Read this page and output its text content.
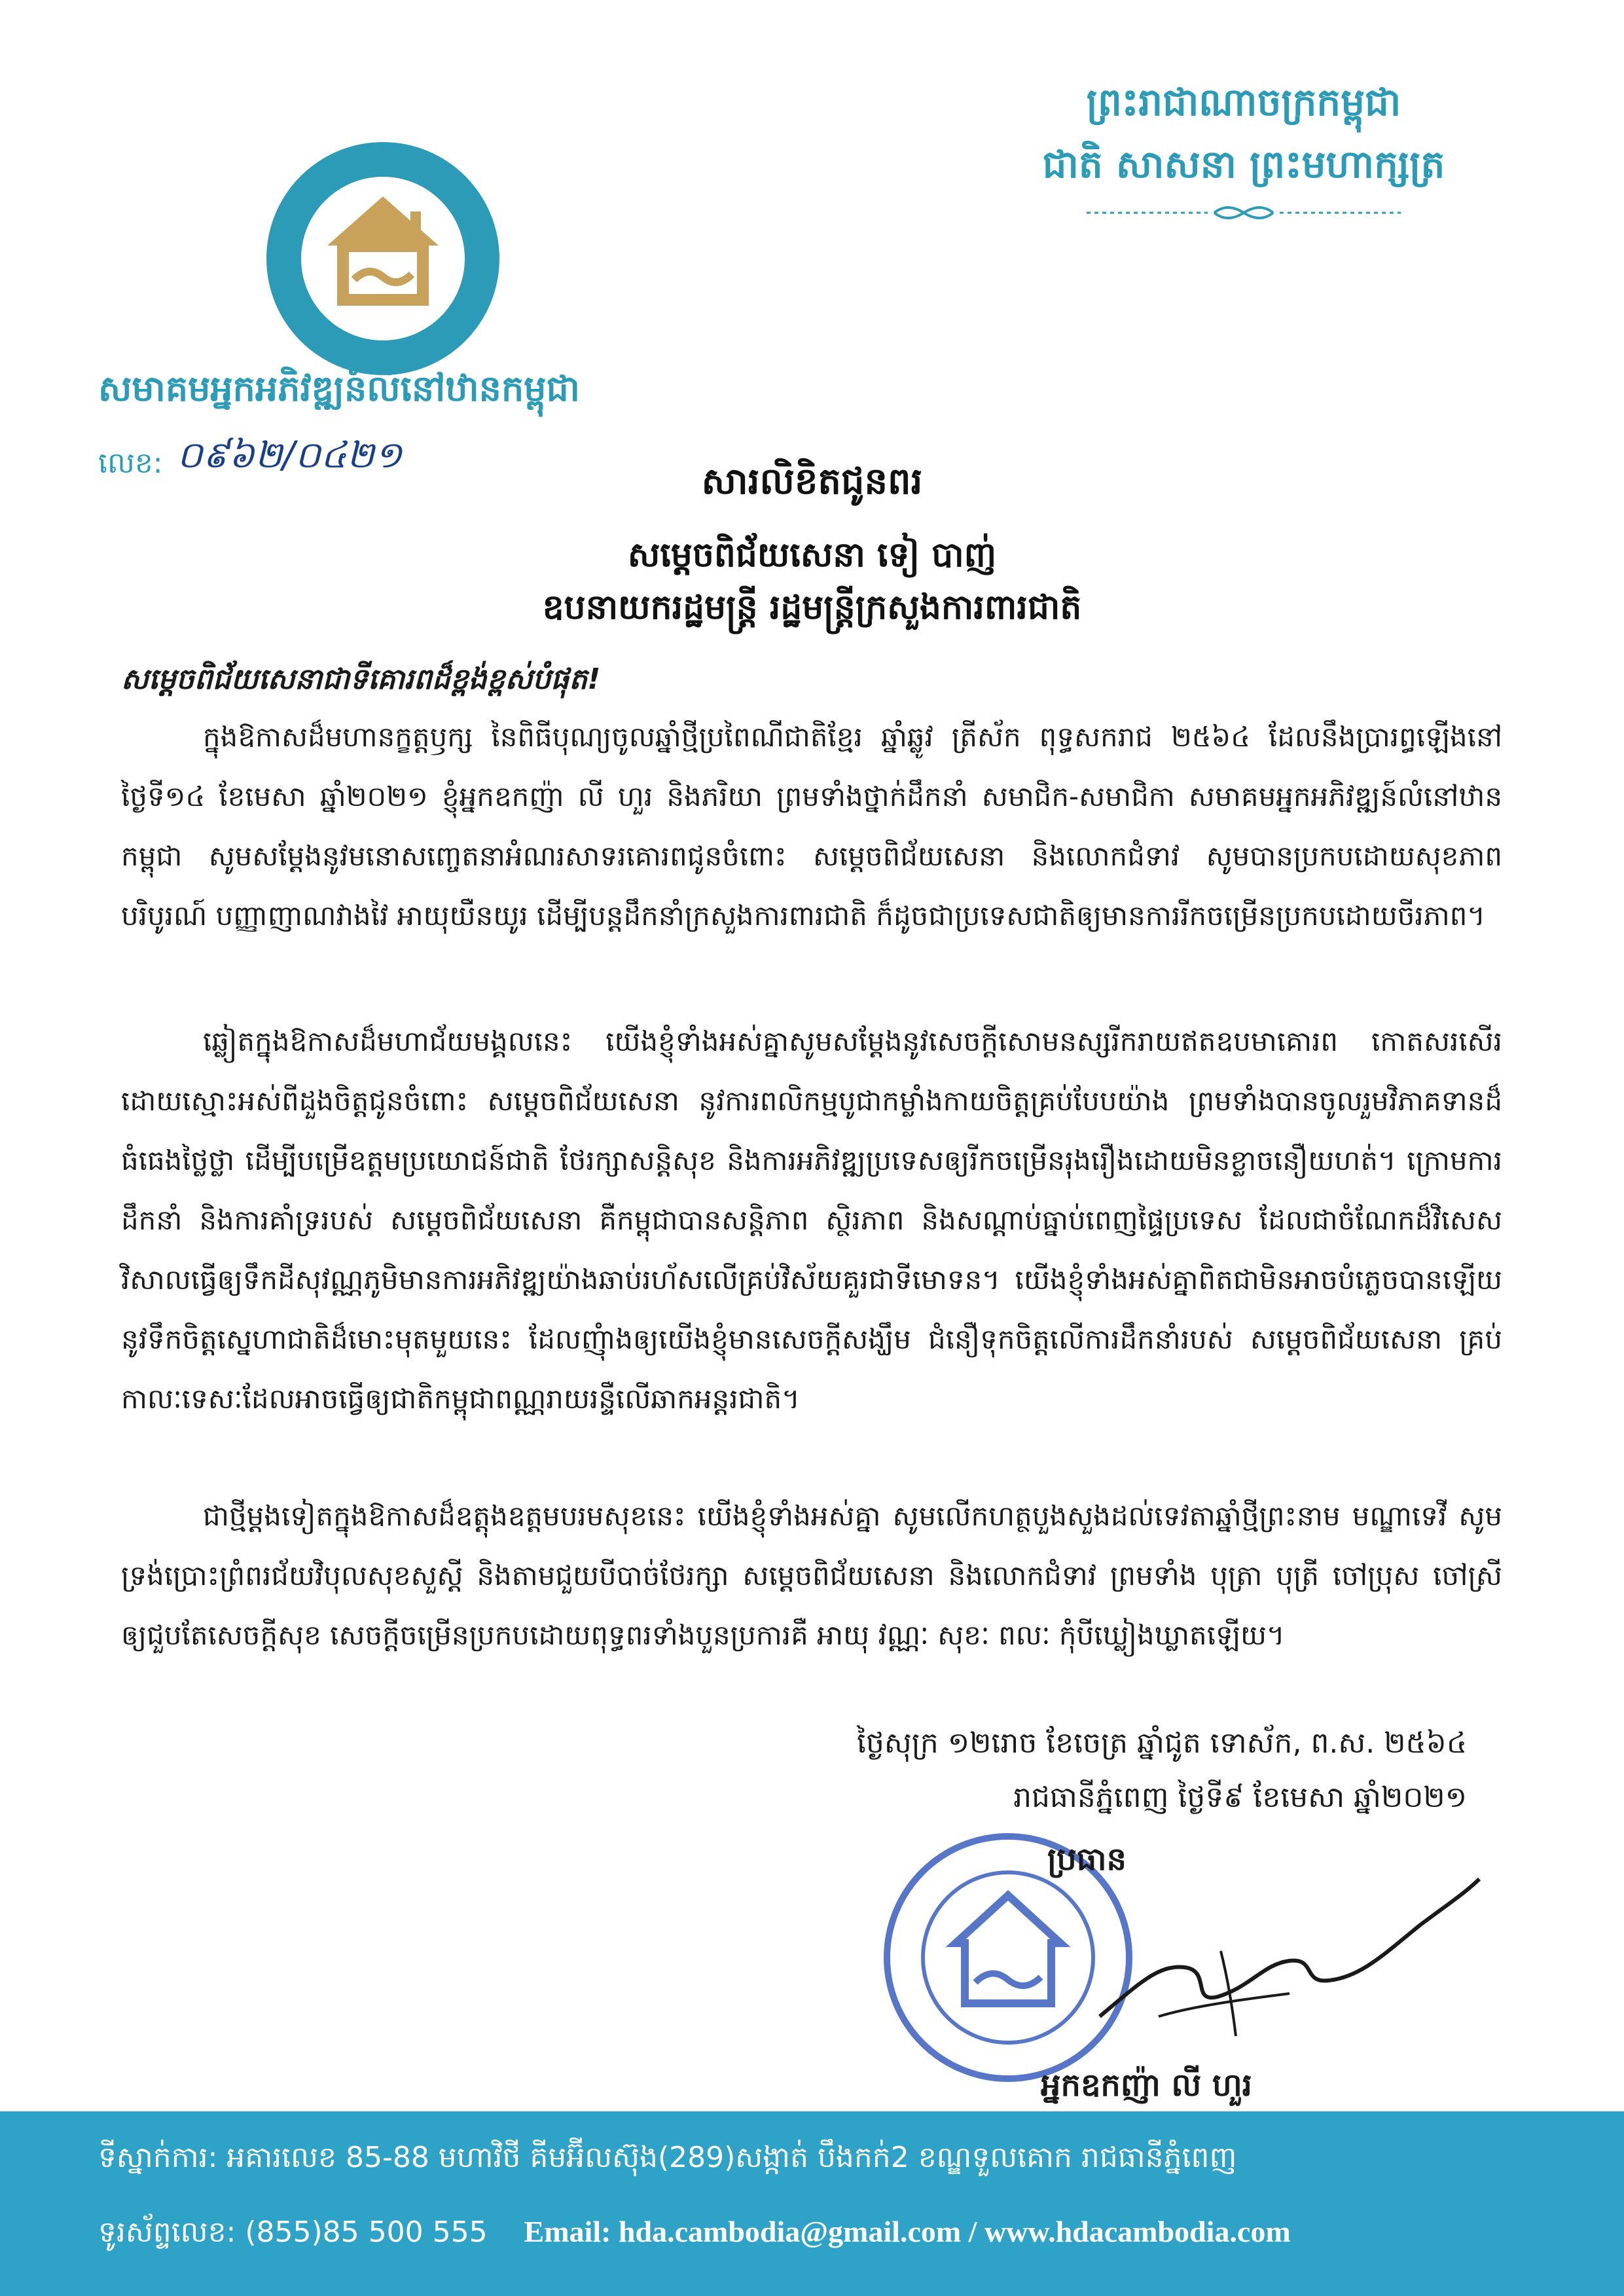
ព្រះរាជាណាចក្រកម្ពុជា
ជាតិ សាសនា ព្រះមហាក្សត្រ
សមាគមអ្នកអភិវឌ្ឍន៍លំនៅឋានកម្ពុជា
លេខ: ០៩៦២/០៤២១
សារលិខិតជូនពរ
សម្តេចពិជ័យសេនា ទៀ បាញ់
ឧបនាយករដ្ឋមន្ត្រី រដ្ឋមន្ត្រីក្រសួងការពារជាតិ
សម្តេចពិជ័យសេនាជាទីគោរពដ៏ខ្ពង់ខ្ពស់បំផុត!
ក្នុងឱកាសដ៏មហានក្ខត្តឫក្ស នៃពិធីបុណ្យចូលឆ្នាំថ្មីប្រពៃណីជាតិខ្មែរ ឆ្នាំឆ្លូវ ត្រីស័ក ពុទ្ធសករាជ ២៥៦៤ ដែលនឹងប្រារព្ធឡើងនៅថ្ងៃទី១៤ ខែមេសា ឆ្នាំ២០២១ ខ្ញុំអ្នកឧកញ៉ា លី ហួរ និងភរិយា ព្រមទាំងថ្នាក់ដឹកនាំ សមាជិក-សមាជិកា សមាគមអ្នកអភិវឌ្ឍន៍លំនៅឋានកម្ពុជា សូមសម្តែងនូវមនោសញ្ចេតនាអំណរសាទរគោរពជូនចំពោះ សម្តេចពិជ័យសេនា និងលោកជំទាវ សូមបានប្រកបដោយសុខភាពបរិបូរណ៍ បញ្ញាញាណវាងវៃ អាយុយឺនយូរ ដើម្បីបន្តដឹកនាំក្រសួងការពារជាតិ ក៏ដូចជាប្រទេសជាតិឲ្យមានការរីកចម្រើនប្រកបដោយចីរភាព។
ឆ្លៀតក្នុងឱកាសដ៏មហាជ័យមង្គលនេះ យើងខ្ញុំទាំងអស់គ្នាសូមសម្តែងនូវសេចក្តីសោមនស្សរីករាយឥតឧបមាគោរព កោតសរសើរដោយស្មោះអស់ពីដួងចិត្តជូនចំពោះ សម្តេចពិជ័យសេនា នូវការពលិកម្មបូជាកម្លាំងកាយចិត្តគ្រប់បែបយ៉ាង ព្រមទាំងបានចូលរួមវិភាគទានដ៏ធំធេងថ្លៃថ្លា ដើម្បីបម្រើឧត្តមប្រយោជន៍ជាតិ ថែរក្សាសន្តិសុខ និងការអភិវឌ្ឍប្រទេសឲ្យរីកចម្រើនរុងរឿងដោយមិនខ្លាចនឿយហត់។ ក្រោមការដឹកនាំ និងការគាំទ្ររបស់ សម្តេចពិជ័យសេនា គឺកម្ពុជាបានសន្តិភាព ស្ថិរភាព និងសណ្តាប់ធ្នាប់ពេញផ្ទៃប្រទេស ដែលជាចំណែកដ៏វិសេសវិសាលធ្វើឲ្យទឹកដីសុវណ្ណភូមិមានការអភិវឌ្ឍយ៉ាងឆាប់រហ័សលើគ្រប់វិស័យគួរជាទីមោទន។ យើងខ្ញុំទាំងអស់គ្នាពិតជាមិនអាចបំភ្លេចបានឡើយនូវទឹកចិត្តស្នេហាជាតិដ៏មោះមុតមួយនេះ ដែលញុំាងឲ្យយើងខ្ញុំមានសេចក្តីសង្ឃឹម ជំនឿទុកចិត្តលើការដឹកនាំរបស់ សម្តេចពិជ័យសេនា គ្រប់កាលៈទេសៈដែលអាចធ្វើឲ្យជាតិកម្ពុជាពណ្ណរាយរន្ទឺលើឆាកអន្តរជាតិ។
ជាថ្មីម្តងទៀតក្នុងឱកាសដ៏ឧត្តុងឧត្តមបរមសុខនេះ យើងខ្ញុំទាំងអស់គ្នា សូមលើកហត្ថបួងសួងដល់ទេវតាឆ្នាំថ្មីព្រះនាម មណ្ឌាទេវី សូមទ្រង់ប្រោះព្រំពរជ័យវិបុលសុខសួស្តី និងតាមជួយបីបាច់ថែរក្សា សម្តេចពិជ័យសេនា និងលោកជំទាវ ព្រមទាំង បុត្រា បុត្រី ចៅប្រុស ចៅស្រី ឲ្យជួបតែសេចក្តីសុខ សេចក្តីចម្រើនប្រកបដោយពុទ្ធពរទាំងបួនប្រការគឺ អាយុ វណ្ណៈ សុខៈ ពលៈ កុំបីឃ្លៀងឃ្លាតឡើយ។
ថ្ងៃសុក្រ ១២រោច ខែចេត្រ ឆ្នាំជូត ទោស័ក, ព.ស. ២៥៦៤
រាជធានីភ្នំពេញ ថ្ងៃទី៩ ខែមេសា ឆ្នាំ២០២១
ប្រធាន
អ្នកឧកញ៉ា លី ហួរ
ទីស្នាក់ការ: អគារលេខ 85-88 មហាវិថី គីមអ៊ីលស៊ុង(289)សង្កាត់ បឹងកក់2 ខណ្ឌទួលគោក រាជធានីភ្នំពេញ
ទូរស័ព្ទលេខ: (855)85 500 555 Email: hda.cambodia@gmail.com / www.hdacambodia.com
